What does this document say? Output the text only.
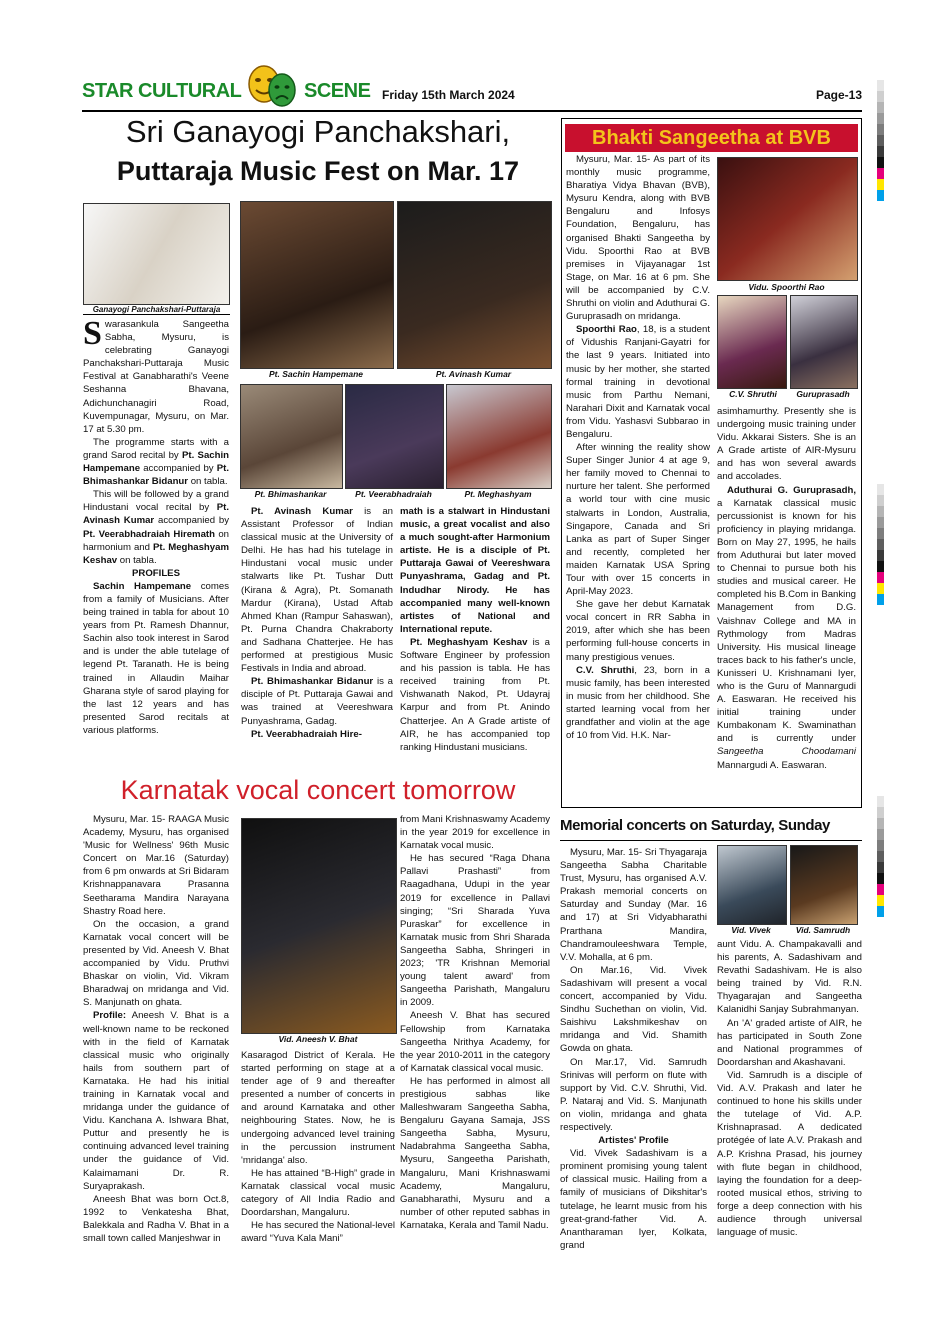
STAR CULTURAL	SCENE Friday 15th March 2024	Page-13
Sri Ganayogi Panchakshari,
Puttaraja Music Fest on Mar. 17
Ganayogi Panchakshari-Puttaraja
Pt. Sachin Hampemane	Pt. Avinash Kumar
Pt. Bhimashankar	Pt. Veerabhadraiah	Pt. Meghashyam

Swarasankula Sangeetha Sabha, Mysuru, is celebrating Ganayogi Panchakshari-Puttaraja Music Festival at Ganabharathi's Veene Seshanna Bhavana, Adichunchanagiri Road, Kuvempunagar, Mysuru, on Mar. 17 at 5.30 pm.

The programme starts with a grand Sarod recital by Pt. Sachin Hampemane accompanied by Pt. Bhimashankar Bidanur on tabla.

This will be followed by a grand Hindustani vocal recital by Pt. Avinash Kumar accompanied by Pt. Veerabhadraiah Hiremath on harmonium and Pt. Meghashyam Keshav on tabla.

PROFILES

Sachin Hampemane comes from a family of Musicians. After being trained in tabla for about 10 years from Pt. Ramesh Dhannur, Sachin also took interest in Sarod and is under the able tutelage of legend Pt. Taranath. He is being trained in Allaudin Maihar Gharana style of sarod playing for the last 12 years and has presented Sarod recitals at various platforms.

Pt. Avinash Kumar is an Assistant Professor of Indian classical music at the University of Delhi. He has had his tutelage in Hindustani vocal music under stalwarts like Pt. Tushar Dutt (Kirana & Agra), Pt. Somanath Mardur (Kirana), Ustad Aftab Ahmed Khan (Rampur Sahaswan), Pt. Purna Chandra Chakraborty and Sadhana Chatterjee. He has performed at prestigious Music Festivals in India and abroad.

Pt. Bhimashankar Bidanur is a disciple of Pt. Puttaraja Gawai and was trained at Veereshwara Punyashrama, Gadag.

Pt. Veerabhadraiah Hire-

math is a stalwart in Hindustani music, a great vocalist and also a much sought-after Harmonium artiste. He is a disciple of Pt. Puttaraja Gawai of Veereshwara Punyashrama, Gadag and Pt. Indudhar Nirody. He has accompanied many well-known artistes of National and International repute.

Pt. Meghashyam Keshav is a Software Engineer by profession and his passion is tabla. He has received training from Pt. Vishwanath Nakod, Pt. Udayraj Karpur and from Pt. Anindo Chatterjee. An A Grade artiste of AIR, he has accompanied top ranking Hindustani musicians.

Bhakti Sangeetha at BVB
Vidu. Spoorthi Rao
C.V. Shruthi	Guruprasadh

Mysuru, Mar. 15- As part of its monthly music programme, Bharatiya Vidya Bhavan (BVB), Mysuru Kendra, along with BVB Bengaluru and Infosys Foundation, Bengaluru, has organised Bhakti Sangeetha by Vidu. Spoorthi Rao at BVB premises in Vijayanagar 1st Stage, on Mar. 16 at 6 pm. She will be accompanied by C.V. Shruthi on violin and Aduthurai G. Guruprasadh on mridanga.

Spoorthi Rao, 18, is a student of Vidushis Ranjani-Gayatri for the last 9 years. Initiated into music by her mother, she started formal training in devotional music from Parthu Nemani, Narahari Dixit and Karnatak vocal from Vidu. Yashasvi Subbarao in Bengaluru.

After winning the reality show Super Singer Junior 4 at age 9, her family moved to Chennai to nurture her talent. She performed a world tour with cine music stalwarts in London, Australia, Singapore, Canada and Sri Lanka as part of Super Singer and recently, completed her maiden Karnatak USA Spring Tour with over 15 concerts in April-May 2023.

She gave her debut Karnatak vocal concert in RR Sabha in 2019, after which she has been performing full-house concerts in many prestigious venues.

C.V. Shruthi, 23, born in a music family, has been interested in music from her childhood. She started learning vocal from her grandfather and violin at the age of 10 from Vid. H.K. Nar-

asimhamurthy. Presently she is undergoing music training under Vidu. Akkarai Sisters. She is an A Grade artiste of AIR-Mysuru and has won several awards and accolades.

Aduthurai G. Guruprasadh, a Karnatak classical music percussionist is known for his proficiency in playing mridanga. Born on May 27, 1995, he hails from Aduthurai but later moved to Chennai to pursue both his studies and musical career. He completed his B.Com in Banking Management from D.G. Vaishnav College and MA in Rythmology from Madras University. His musical lineage traces back to his father's uncle, Kunisseri U. Krishnamani Iyer, who is the Guru of Mannargudi A. Easwaran. He received his initial training under Kumbakonam K. Swaminathan and is currently under Sangeetha Choodamani Mannargudi A. Easwaran.

Karnatak vocal concert tomorrow
Vid. Aneesh V. Bhat

Mysuru, Mar. 15- RAAGA Music Academy, Mysuru, has organised 'Music for Wellness' 96th Music Concert on Mar.16 (Saturday) from 6 pm onwards at Sri Bidaram Krishnappanavara Prasanna Seetharama Mandira Narayana Shastry Road here.

On the occasion, a grand Karnatak vocal concert will be presented by Vid. Aneesh V. Bhat accompanied by Vidu. Pruthvi Bhaskar on violin, Vid. Vikram Bharadwaj on mridanga and Vid. S. Manjunath on ghata.

Profile: Aneesh V. Bhat is a well-known name to be reckoned with in the field of Karnatak classical music who originally hails from southern part of Karnataka. He had his initial training in Karnatak vocal and mridanga under the guidance of Vidu. Kanchana A. Ishwara Bhat, Puttur and presently he is continuing advanced level training under the guidance of Vid. Kalaimamani Dr. R. Suryaprakash.

Aneesh Bhat was born Oct.8, 1992 to Venkatesha Bhat, Balekkala and Radha V. Bhat in a small town called Manjeshwar in

Kasaragod District of Kerala. He started performing on stage at a tender age of 9 and thereafter presented a number of concerts in and around Karnataka and other neighbouring States. Now, he is undergoing advanced level training in the percussion instrument 'mridanga' also.

He has attained “B-High” grade in Karnatak classical vocal music category of All India Radio and Doordarshan, Mangaluru.

He has secured the National-level award “Yuva Kala Mani”

from Mani Krishnaswamy Academy in the year 2019 for excellence in Karnatak vocal music.

He has secured “Raga Dhana Pallavi Prashasti” from Raagadhana, Udupi in the year 2019 for excellence in Pallavi singing; “Sri Sharada Yuva Puraskar” for excellence in Karnatak music from Shri Sharada Sangeetha Sabha, Shringeri in 2023; 'TR Krishnan Memorial young talent award' from Sangeetha Parishath, Mangaluru in 2009.

Aneesh V. Bhat has secured Fellowship from Karnataka Sangeetha Nrithya Academy, for the year 2010-2011 in the category of Karnatak classical vocal music.

He has performed in almost all prestigious sabhas like Malleshwaram Sangeetha Sabha, Bengaluru Gayana Samaja, JSS Sangeetha Sabha, Mysuru, Nadabrahma Sangeetha Sabha, Mysuru, Sangeetha Parishath, Mangaluru, Mani Krishnaswami Academy, Mangaluru, Ganabharathi, Mysuru and a number of other reputed sabhas in Karnataka, Kerala and Tamil Nadu.

Memorial concerts on Saturday, Sunday
Vid. Vivek	Vid. Samrudh

Mysuru, Mar. 15- Sri Thyagaraja Sangeetha Sabha Charitable Trust, Mysuru, has organised A.V. Prakash memorial concerts on Saturday and Sunday (Mar. 16 and 17) at Sri Vidyabharathi Prarthana Mandira, Chandramouleeshwara Temple, V.V. Mohalla, at 6 pm.

On Mar.16, Vid. Vivek Sadashivam will present a vocal concert, accompanied by Vidu. Sindhu Suchethan on violin, Vid. Saishivu Lakshmikeshav on mridanga and Vid. Shamith Gowda on ghata.

On Mar.17, Vid. Samrudh Srinivas will perform on flute with support by Vid. C.V. Shruthi, Vid. P. Nataraj and Vid. S. Manjunath on violin, mridanga and ghata respectively.

Artistes' Profile

Vid. Vivek Sadashivam is a prominent promising young talent of classical music. Hailing from a family of musicians of Dikshitar's tutelage, he learnt music from his great-grand-father Vid. A. Anantharaman Iyer, Kolkata, grand

aunt Vidu. A. Champakavalli and his parents, A. Sadashivam and Revathi Sadashivam. He is also being trained by Vid. R.N. Thyagarajan and Sangeetha Kalanidhi Sanjay Subrahmanyan.

An 'A' graded artiste of AIR, he has participated in South Zone and National programmes of Doordarshan and Akashavani.

Vid. Samrudh is a disciple of Vid. A.V. Prakash and later he continued to hone his skills under the tutelage of Vid. A.P. Krishnaprasad. A dedicated protégée of late A.V. Prakash and A.P. Krishna Prasad, his journey with flute began in childhood, laying the foundation for a deep-rooted musical ethos, striving to forge a deep connection with his audience through universal language of music.
